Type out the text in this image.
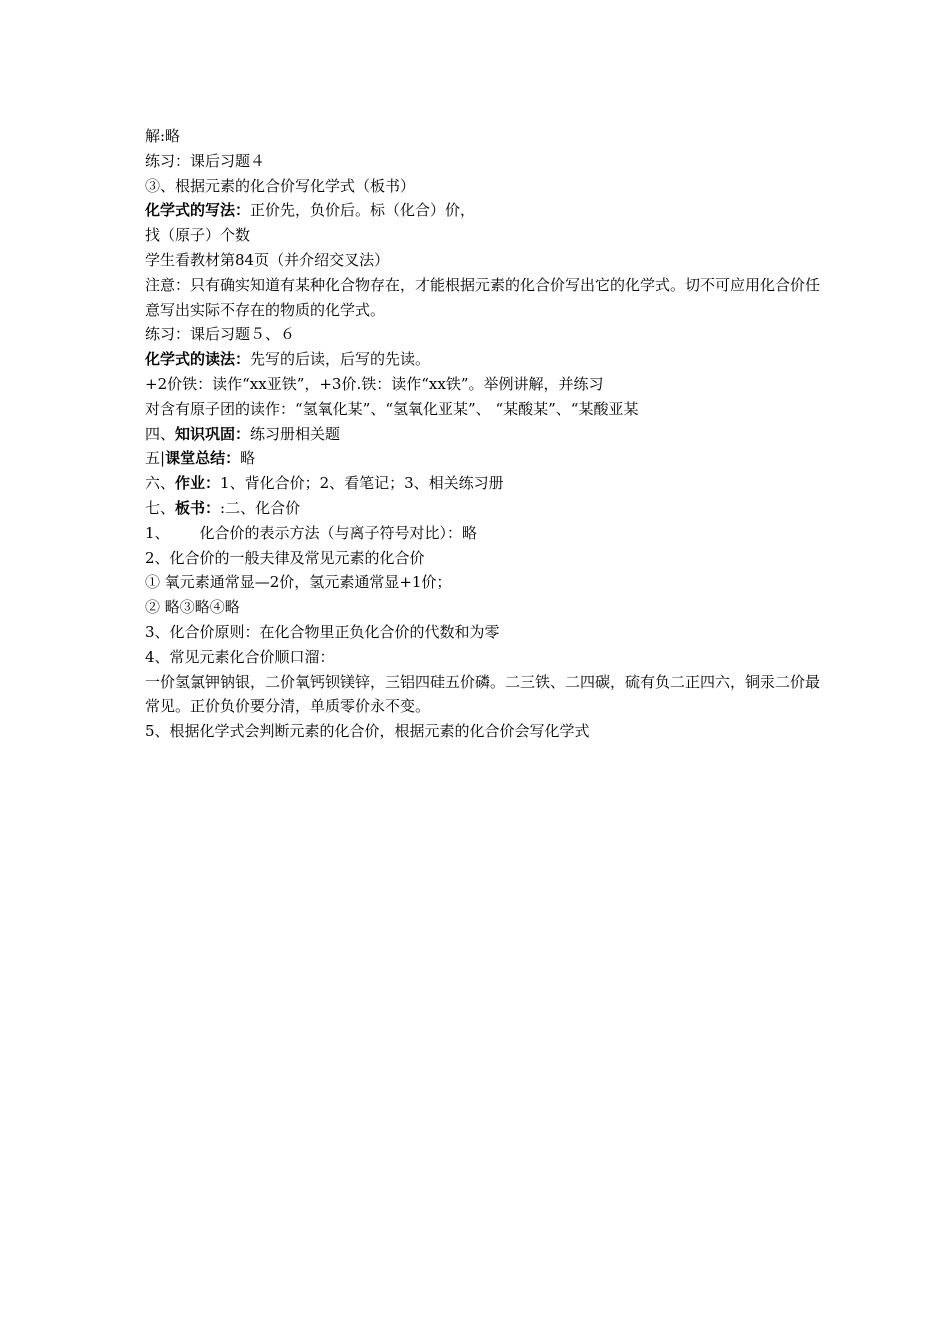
解:略

练习：课后习题４

③、根据元素的化合价写化学式（板书）

化学式的写法：正价先，负价后。标（化合）价，

找（原子）个数

学生看教材第84页（并介绍交叉法）

注意：只有确实知道有某种化合物存在，才能根据元素的化合价写出它的化学式。切不可应用化合价任意写出实际不存在的物质的化学式。

练习：课后习题５、６

化学式的读法：先写的后读，后写的先读。

+2价铁：读作“xx亚铁”，+3价.铁：读作“xx铁”。举例讲解，并练习

对含有原子团的读作：“氢氧化某”、“氢氧化亚某”、 “某酸某”、“某酸亚某

四、知识巩固：练习册相关题

五|课堂总结：略

六、作业：1、背化合价；2、看笔记；3、相关练习册

七、板书：:二、化合价

1、 化合价的表示方法（与离子符号对比）：略

2、化合价的一般夫律及常见元素的化合价

① 氧元素通常显—2价，氢元素通常显+1价；

② 略③略④略

3、化合价原则：在化合物里正负化合价的代数和为零

4、常见元素化合价顺口溜：

一价氢氯钾钠银，二价氧钙钡镁锌，三铝四硅五价磷。二三铁、二四碳，硫有负二正四六，铜汞二价最常见。正价负价要分清，单质零价永不变。

5、根据化学式会判断元素的化合价，根据元素的化合价会写化学式
